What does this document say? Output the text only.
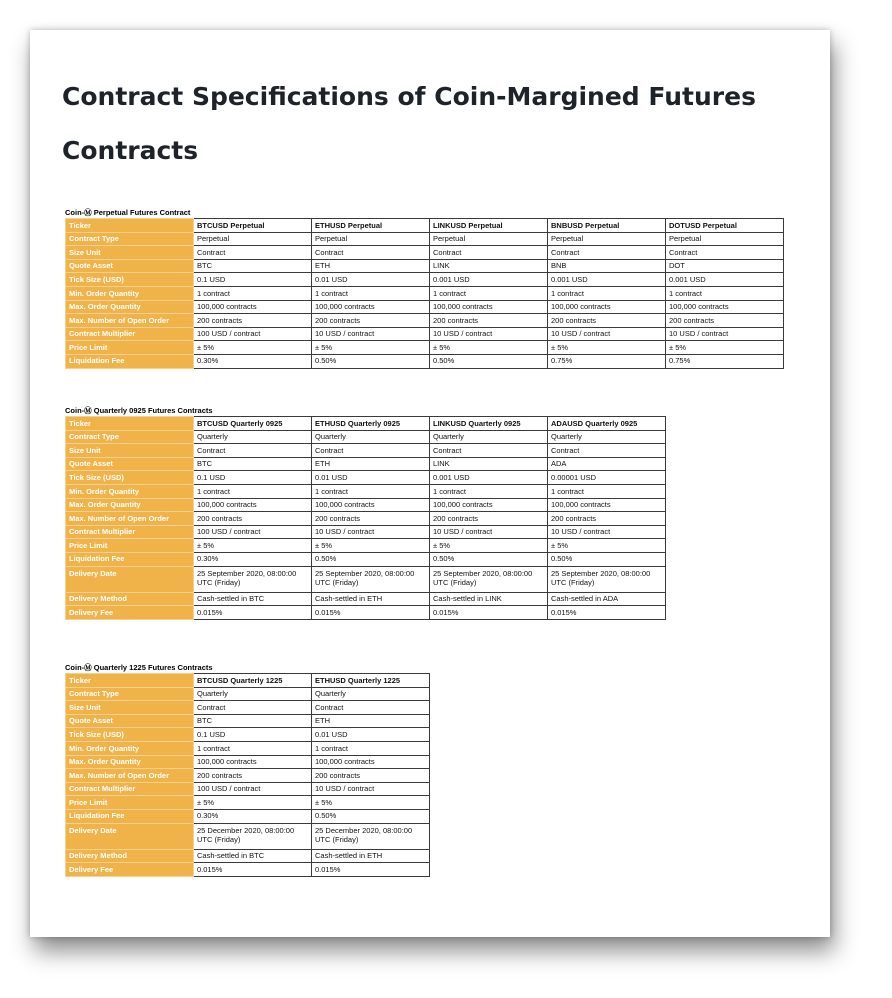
Contract Specifications of Coin-Margined Futures Contracts
Coin-Ⓜ Perpetual Futures Contract
Ticker	BTCUSD Perpetual	ETHUSD Perpetual	LINKUSD Perpetual	BNBUSD Perpetual	DOTUSD Perpetual
Contract Type	Perpetual	Perpetual	Perpetual	Perpetual	Perpetual
Size Unit	Contract	Contract	Contract	Contract	Contract
Quote Asset	BTC	ETH	LINK	BNB	DOT
Tick Size (USD)	0.1 USD	0.01 USD	0.001 USD	0.001 USD	0.001 USD
Min. Order Quantity	1 contract	1 contract	1 contract	1 contract	1 contract
Max. Order Quantity	100,000 contracts	100,000 contracts	100,000 contracts	100,000 contracts	100,000 contracts
Max. Number of Open Order	200 contracts	200 contracts	200 contracts	200 contracts	200 contracts
Contract Multiplier	100 USD / contract	10 USD / contract	10 USD / contract	10 USD / contract	10 USD / contract
Price Limit	± 5%	± 5%	± 5%	± 5%	± 5%
Liquidation Fee	0.30%	0.50%	0.50%	0.75%	0.75%
Coin-Ⓜ Quarterly 0925 Futures Contracts
Ticker	BTCUSD Quarterly 0925	ETHUSD Quarterly 0925	LINKUSD Quarterly 0925	ADAUSD Quarterly 0925
Contract Type	Quarterly	Quarterly	Quarterly	Quarterly
Size Unit	Contract	Contract	Contract	Contract
Quote Asset	BTC	ETH	LINK	ADA
Tick Size (USD)	0.1 USD	0.01 USD	0.001 USD	0.00001 USD
Min. Order Quantity	1 contract	1 contract	1 contract	1 contract
Max. Order Quantity	100,000 contracts	100,000 contracts	100,000 contracts	100,000 contracts
Max. Number of Open Order	200 contracts	200 contracts	200 contracts	200 contracts
Contract Multiplier	100 USD / contract	10 USD / contract	10 USD / contract	10 USD / contract
Price Limit	± 5%	± 5%	± 5%	± 5%
Liquidation Fee	0.30%	0.50%	0.50%	0.50%
Delivery Date	25 September 2020, 08:00:00 UTC (Friday)	25 September 2020, 08:00:00 UTC (Friday)	25 September 2020, 08:00:00 UTC (Friday)	25 September 2020, 08:00:00 UTC (Friday)
Delivery Method	Cash-settled in BTC	Cash-settled in ETH	Cash-settled in LINK	Cash-settled in ADA
Delivery Fee	0.015%	0.015%	0.015%	0.015%
Coin-Ⓜ Quarterly 1225 Futures Contracts
Ticker	BTCUSD Quarterly 1225	ETHUSD Quarterly 1225
Contract Type	Quarterly	Quarterly
Size Unit	Contract	Contract
Quote Asset	BTC	ETH
Tick Size (USD)	0.1 USD	0.01 USD
Min. Order Quantity	1 contract	1 contract
Max. Order Quantity	100,000 contracts	100,000 contracts
Max. Number of Open Order	200 contracts	200 contracts
Contract Multiplier	100 USD / contract	10 USD / contract
Price Limit	± 5%	± 5%
Liquidation Fee	0.30%	0.50%
Delivery Date	25 December 2020, 08:00:00 UTC (Friday)	25 December 2020, 08:00:00 UTC (Friday)
Delivery Method	Cash-settled in BTC	Cash-settled in ETH
Delivery Fee	0.015%	0.015%
